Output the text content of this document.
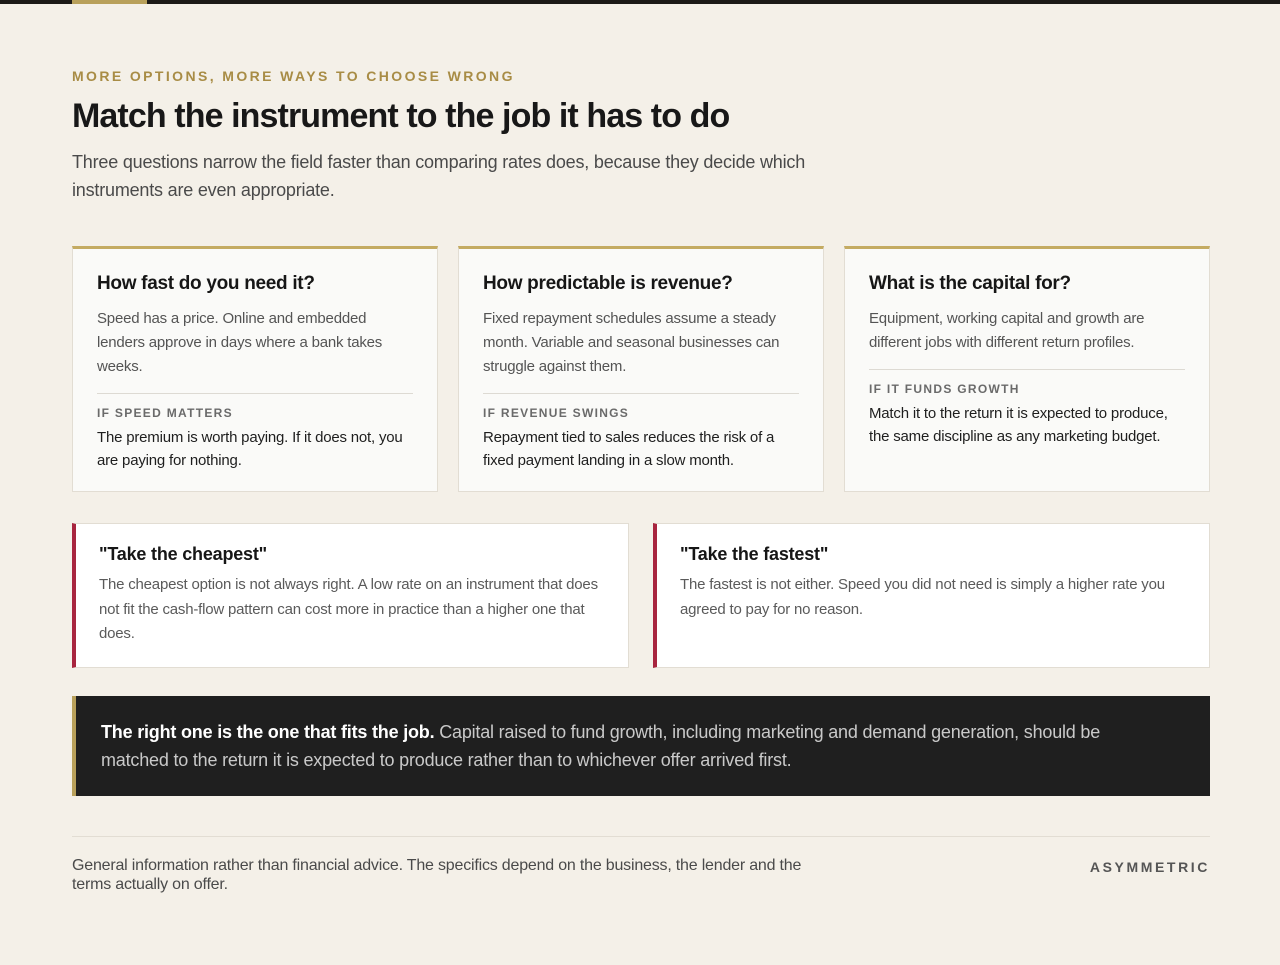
MORE OPTIONS, MORE WAYS TO CHOOSE WRONG
Match the instrument to the job it has to do

Three questions narrow the field faster than comparing rates does, because they decide which instruments are even appropriate.

How fast do you need it?
Speed has a price. Online and embedded lenders approve in days where a bank takes weeks.
IF SPEED MATTERS
The premium is worth paying. If it does not, you are paying for nothing.
How predictable is revenue?
Fixed repayment schedules assume a steady month. Variable and seasonal businesses can struggle against them.
IF REVENUE SWINGS
Repayment tied to sales reduces the risk of a fixed payment landing in a slow month.
What is the capital for?
Equipment, working capital and growth are different jobs with different return profiles.
IF IT FUNDS GROWTH
Match it to the return it is expected to produce, the same discipline as any marketing budget.
"Take the cheapest"
The cheapest option is not always right. A low rate on an instrument that does not fit the cash-flow pattern can cost more in practice than a higher one that does.
"Take the fastest"
The fastest is not either. Speed you did not need is simply a higher rate you agreed to pay for no reason.
The right one is the one that fits the job. Capital raised to fund growth, including marketing and demand generation, should be matched to the return it is expected to produce rather than to whichever offer arrived first.

General information rather than financial advice. The specifics depend on the business, the lender and the terms actually on offer.

ASYMMETRIC
